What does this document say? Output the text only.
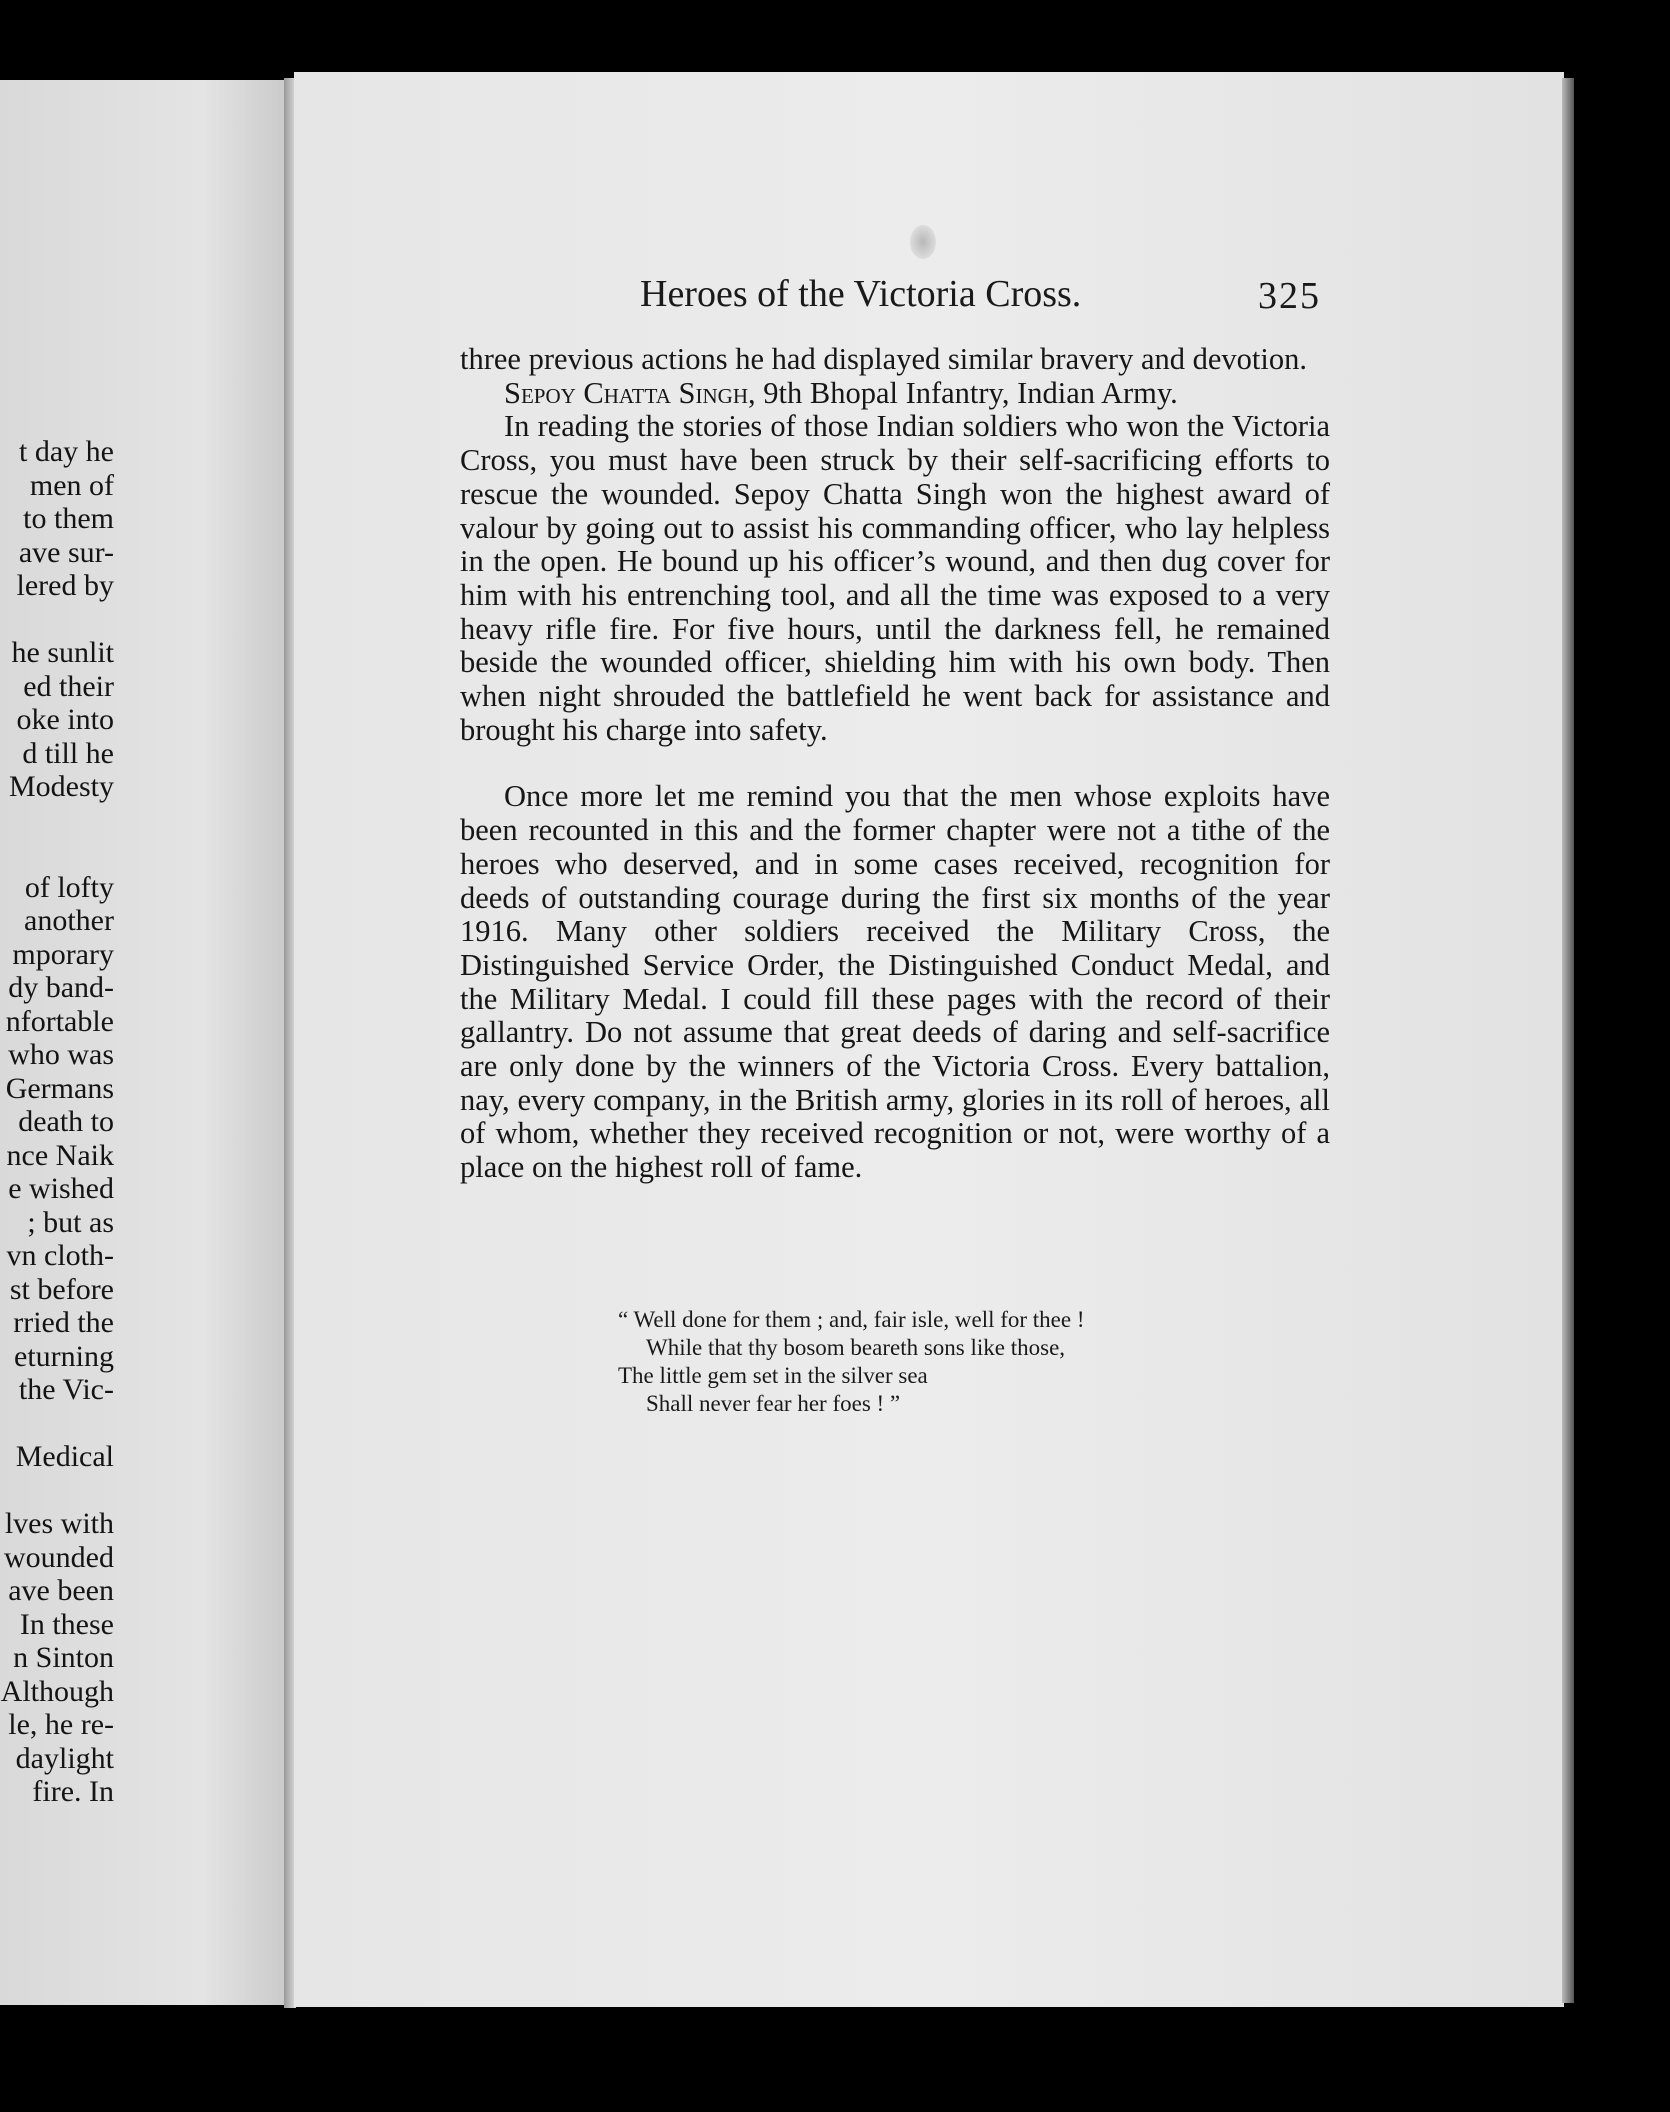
t day he
men of
to them
ave sur-
lered by
he sunlit
ed their
oke into
d till he
Modesty
of lofty
another
mporary
dy band-
nfortable
who was
Germans
death to
nce Naik
e wished
; but as
vn cloth-
st before
rried the
eturning
the Vic-
Medical
lves with
wounded
ave been
In these
n Sinton
Although
le, he re-
daylight
fire. In
Heroes of the Victoria Cross.	325

three previous actions he had displayed similar bravery and devotion.

Sepoy Chatta Singh, 9th Bhopal Infantry, Indian Army.

In reading the stories of those Indian soldiers who won the Victoria Cross, you must have been struck by their self-sacrificing efforts to rescue the wounded. Sepoy Chatta Singh won the highest award of valour by going out to assist his commanding officer, who lay helpless in the open. He bound up his officer’s wound, and then dug cover for him with his entrenching tool, and all the time was exposed to a very heavy rifle fire. For five hours, until the darkness fell, he remained beside the wounded officer, shielding him with his own body. Then when night shrouded the battlefield he went back for assistance and brought his charge into safety.

Once more let me remind you that the men whose exploits have been recounted in this and the former chapter were not a tithe of the heroes who deserved, and in some cases received, recognition for deeds of outstanding courage during the first six months of the year 1916. Many other soldiers received the Military Cross, the Distinguished Service Order, the Distinguished Conduct Medal, and the Military Medal. I could fill these pages with the record of their gallantry. Do not assume that great deeds of daring and self-sacrifice are only done by the winners of the Victoria Cross. Every battalion, nay, every company, in the British army, glories in its roll of heroes, all of whom, whether they received recognition or not, were worthy of a place on the highest roll of fame.

“ Well done for them ; and, fair isle, well for thee !
While that thy bosom beareth sons like those,
The little gem set in the silver sea
Shall never fear her foes ! ”
